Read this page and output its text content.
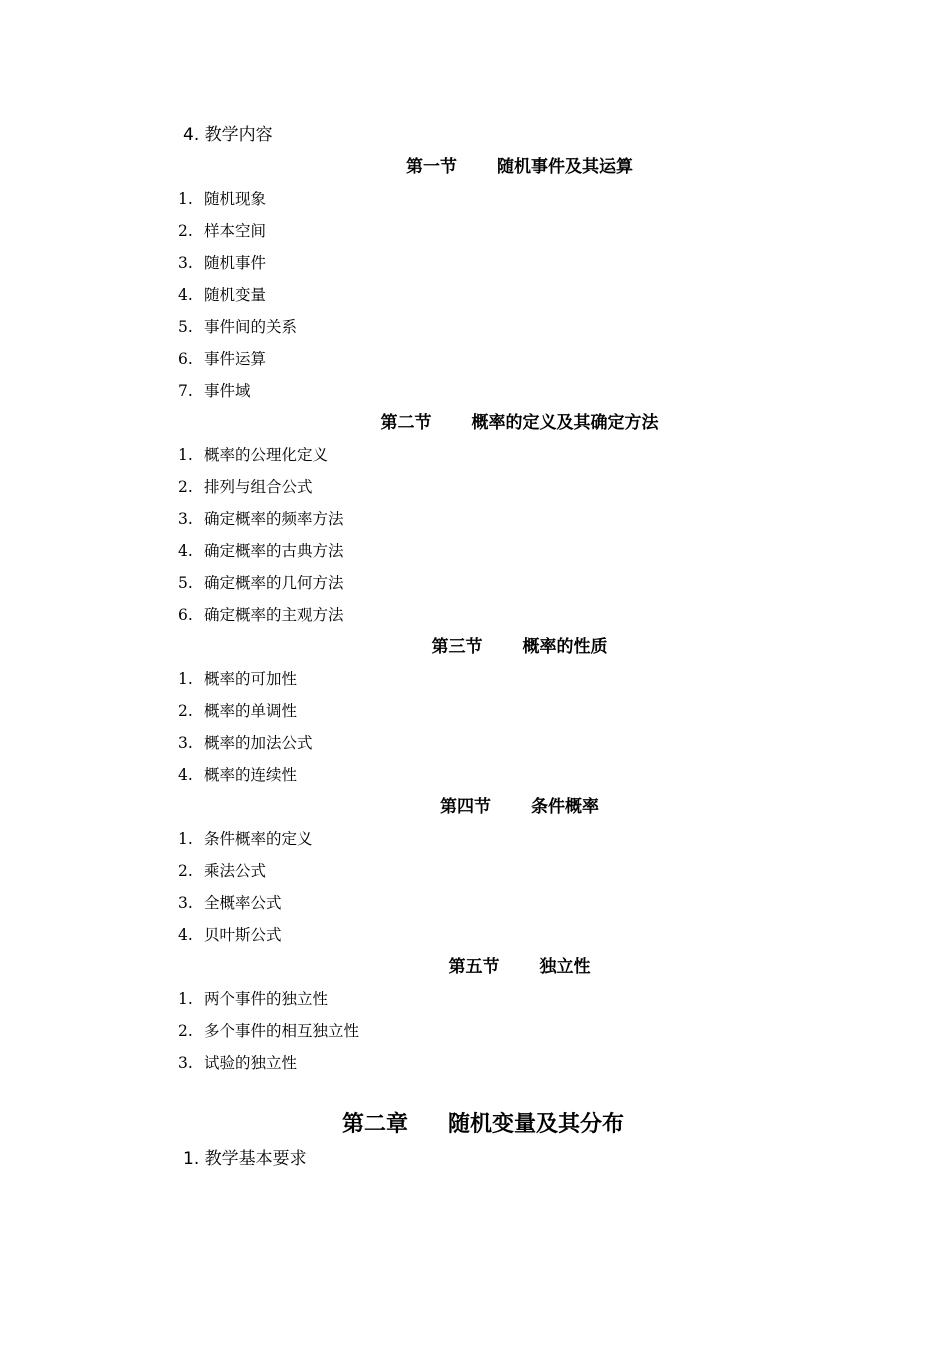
4. 教学内容
第一节 随机事件及其运算
1. 随机现象
2. 样本空间
3. 随机事件
4. 随机变量
5. 事件间的关系
6. 事件运算
7. 事件域
第二节 概率的定义及其确定方法
1. 概率的公理化定义
2. 排列与组合公式
3. 确定概率的频率方法
4. 确定概率的古典方法
5. 确定概率的几何方法
6. 确定概率的主观方法
第三节 概率的性质
1. 概率的可加性
2. 概率的单调性
3. 概率的加法公式
4. 概率的连续性
第四节 条件概率
1. 条件概率的定义
2. 乘法公式
3. 全概率公式
4. 贝叶斯公式
第五节 独立性
1. 两个事件的独立性
2. 多个事件的相互独立性
3. 试验的独立性
第二章 随机变量及其分布
1. 教学基本要求
